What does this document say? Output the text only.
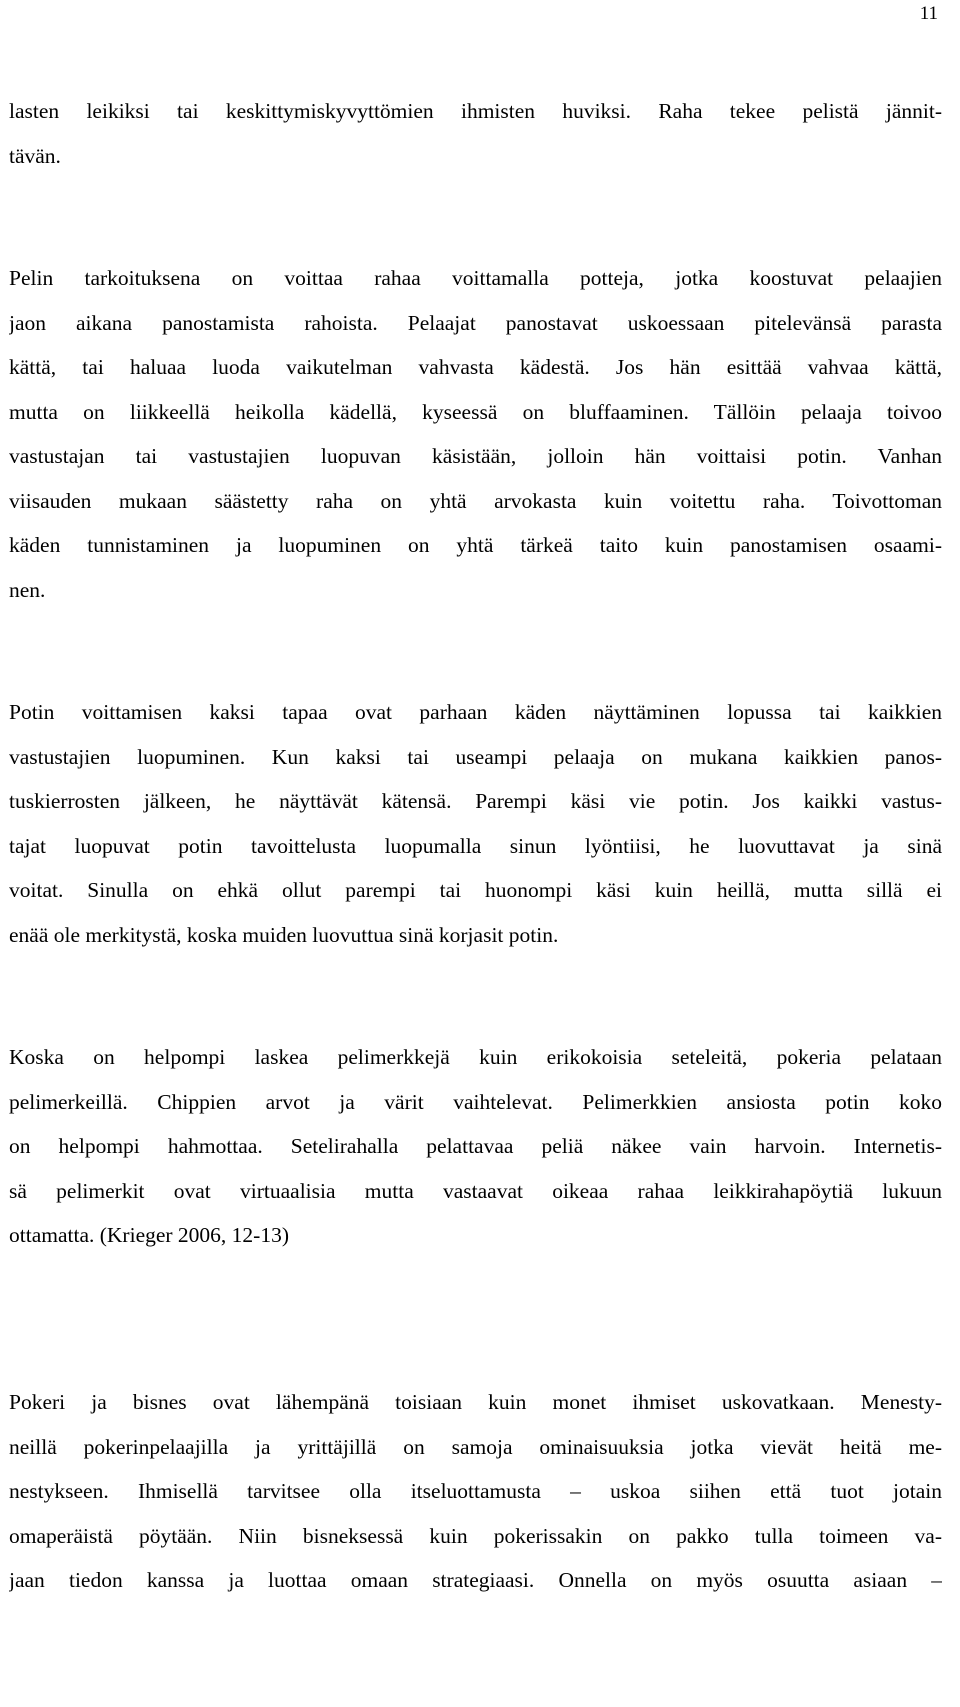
11
lasten leikiksi tai keskittymiskyvyttömien ihmisten huviksi. Raha tekee pelistä jännit-
tävän.
Pelin tarkoituksena on voittaa rahaa voittamalla potteja, jotka koostuvat pelaajien
jaon aikana panostamista rahoista. Pelaajat panostavat uskoessaan pitelevänsä parasta
kättä, tai haluaa luoda vaikutelman vahvasta kädestä. Jos hän esittää vahvaa kättä,
mutta on liikkeellä heikolla kädellä, kyseessä on bluffaaminen. Tällöin pelaaja toivoo
vastustajan tai vastustajien luopuvan käsistään, jolloin hän voittaisi potin. Vanhan
viisauden mukaan säästetty raha on yhtä arvokasta kuin voitettu raha. Toivottoman
käden tunnistaminen ja luopuminen on yhtä tärkeä taito kuin panostamisen osaami-
nen.
Potin voittamisen kaksi tapaa ovat parhaan käden näyttäminen lopussa tai kaikkien
vastustajien luopuminen. Kun kaksi tai useampi pelaaja on mukana kaikkien panos-
tuskierrosten jälkeen, he näyttävät kätensä. Parempi käsi vie potin. Jos kaikki vastus-
tajat luopuvat potin tavoittelusta luopumalla sinun lyöntiisi, he luovuttavat ja sinä
voitat. Sinulla on ehkä ollut parempi tai huonompi käsi kuin heillä, mutta sillä ei
enää ole merkitystä, koska muiden luovuttua sinä korjasit potin.
Koska on helpompi laskea pelimerkkejä kuin erikokoisia seteleitä, pokeria pelataan
pelimerkeillä. Chippien arvot ja värit vaihtelevat. Pelimerkkien ansiosta potin koko
on helpompi hahmottaa. Setelirahalla pelattavaa peliä näkee vain harvoin. Internetis-
sä pelimerkit ovat virtuaalisia mutta vastaavat oikeaa rahaa leikkirahapöytiä lukuun
ottamatta. (Krieger 2006, 12-13)
Pokeri ja bisnes ovat lähempänä toisiaan kuin monet ihmiset uskovatkaan. Menesty-
neillä pokerinpelaajilla ja yrittäjillä on samoja ominaisuuksia jotka vievät heitä me-
nestykseen. Ihmisellä tarvitsee olla itseluottamusta – uskoa siihen että tuot jotain
omaperäistä pöytään. Niin bisneksessä kuin pokerissakin on pakko tulla toimeen va-
jaan tiedon kanssa ja luottaa omaan strategiaasi. Onnella on myös osuutta asiaan –
